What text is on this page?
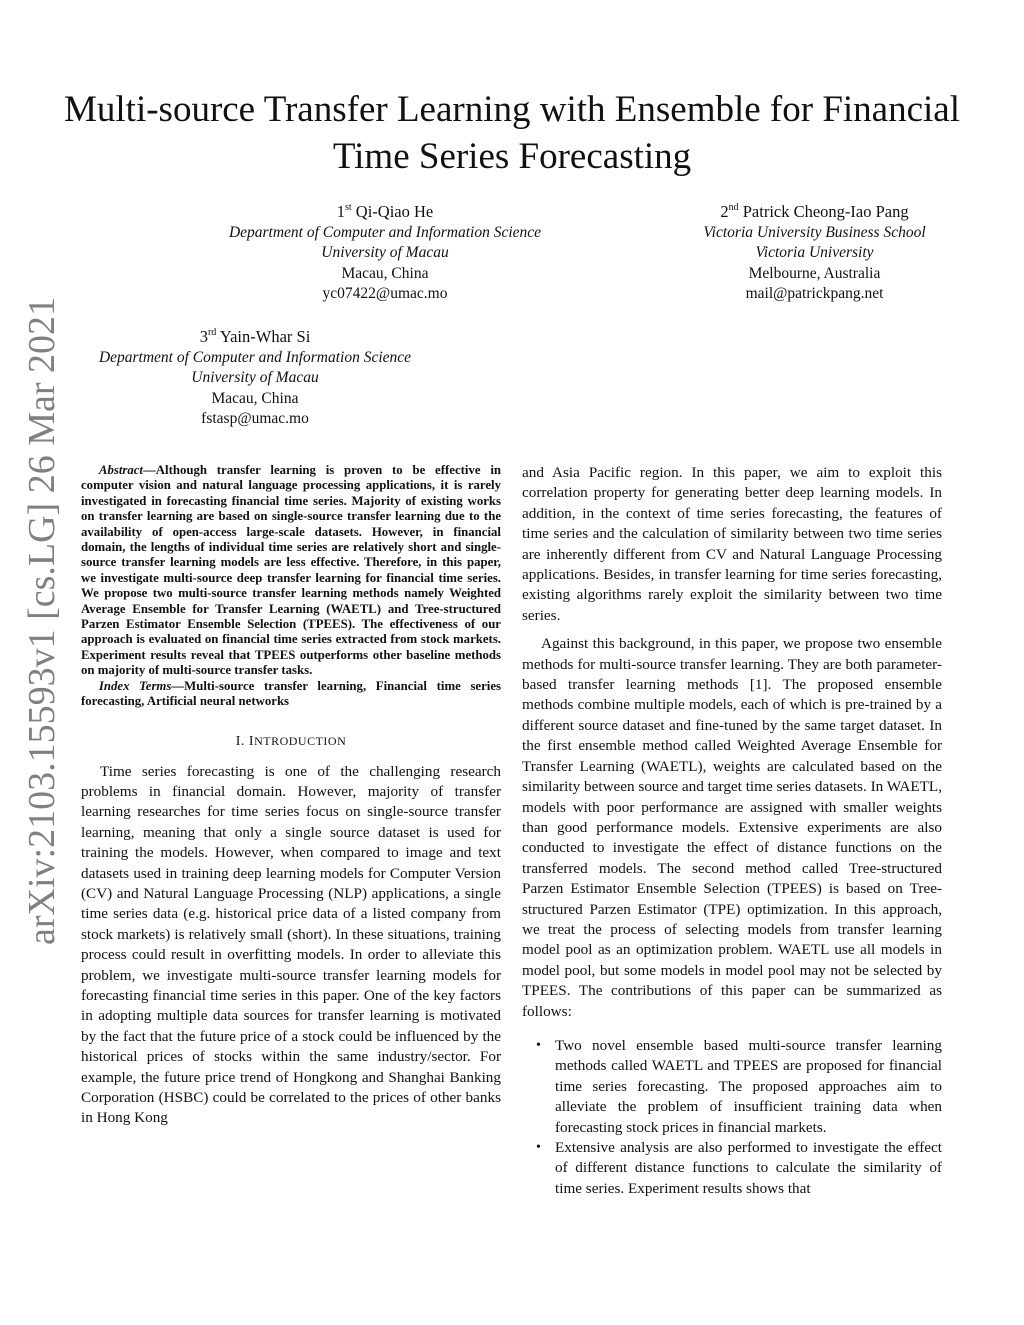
Multi-source Transfer Learning with Ensemble for Financial Time Series Forecasting
1st Qi-Qiao He
Department of Computer and Information Science
University of Macau
Macau, China
yc07422@umac.mo
2nd Patrick Cheong-Iao Pang
Victoria University Business School
Victoria University
Melbourne, Australia
mail@patrickpang.net
3rd Yain-Whar Si
Department of Computer and Information Science
University of Macau
Macau, China
fstasp@umac.mo
arXiv:2103.15593v1 [cs.LG] 26 Mar 2021	Abstract—Although transfer learning is proven to be effective in computer vision and natural language processing applications, it is rarely investigated in forecasting financial time series. Majority of existing works on transfer learning are based on single-source transfer learning due to the availability of open-access large-scale datasets. However, in financial domain, the lengths of individual time series are relatively short and single-source transfer learning models are less effective. Therefore, in this paper, we investigate multi-source deep transfer learning for financial time series. We propose two multi-source transfer learning methods namely Weighted Average Ensemble for Transfer Learning (WAETL) and Tree-structured Parzen Estimator Ensemble Selection (TPEES). The effectiveness of our approach is evaluated on financial time series extracted from stock markets. Experiment results reveal that TPEES outperforms other baseline methods on majority of multi-source transfer tasks.

Index Terms—Multi-source transfer learning, Financial time series forecasting, Artificial neural networks

I. INTRODUCTION

Time series forecasting is one of the challenging research problems in financial domain. However, majority of transfer learning researches for time series focus on single-source transfer learning, meaning that only a single source dataset is used for training the models. However, when compared to image and text datasets used in training deep learning models for Computer Version (CV) and Natural Language Processing (NLP) applications, a single time series data (e.g. historical price data of a listed company from stock markets) is relatively small (short). In these situations, training process could result in overfitting models. In order to alleviate this problem, we investigate multi-source transfer learning models for forecasting financial time series in this paper. One of the key factors in adopting multiple data sources for transfer learning is motivated by the fact that the future price of a stock could be influenced by the historical prices of stocks within the same industry/sector. For example, the future price trend of Hongkong and Shanghai Banking Corporation (HSBC) could be correlated to the prices of other banks in Hong Kong

and Asia Pacific region. In this paper, we aim to exploit this correlation property for generating better deep learning models. In addition, in the context of time series forecasting, the features of time series and the calculation of similarity between two time series are inherently different from CV and Natural Language Processing applications. Besides, in transfer learning for time series forecasting, existing algorithms rarely exploit the similarity between two time series.

Against this background, in this paper, we propose two ensemble methods for multi-source transfer learning. They are both parameter-based transfer learning methods [1]. The proposed ensemble methods combine multiple models, each of which is pre-trained by a different source dataset and fine-tuned by the same target dataset. In the first ensemble method called Weighted Average Ensemble for Transfer Learning (WAETL), weights are calculated based on the similarity between source and target time series datasets. In WAETL, models with poor performance are assigned with smaller weights than good performance models. Extensive experiments are also conducted to investigate the effect of distance functions on the transferred models. The second method called Tree-structured Parzen Estimator Ensemble Selection (TPEES) is based on Tree-structured Parzen Estimator (TPE) optimization. In this approach, we treat the process of selecting models from transfer learning model pool as an optimization problem. WAETL use all models in model pool, but some models in model pool may not be selected by TPEES. The contributions of this paper can be summarized as follows:

• Two novel ensemble based multi-source transfer learning methods called WAETL and TPEES are proposed for financial time series forecasting. The proposed approaches aim to alleviate the problem of insufficient training data when forecasting stock prices in financial markets.
• Extensive analysis are also performed to investigate the effect of different distance functions to calculate the similarity of time series. Experiment results shows that
